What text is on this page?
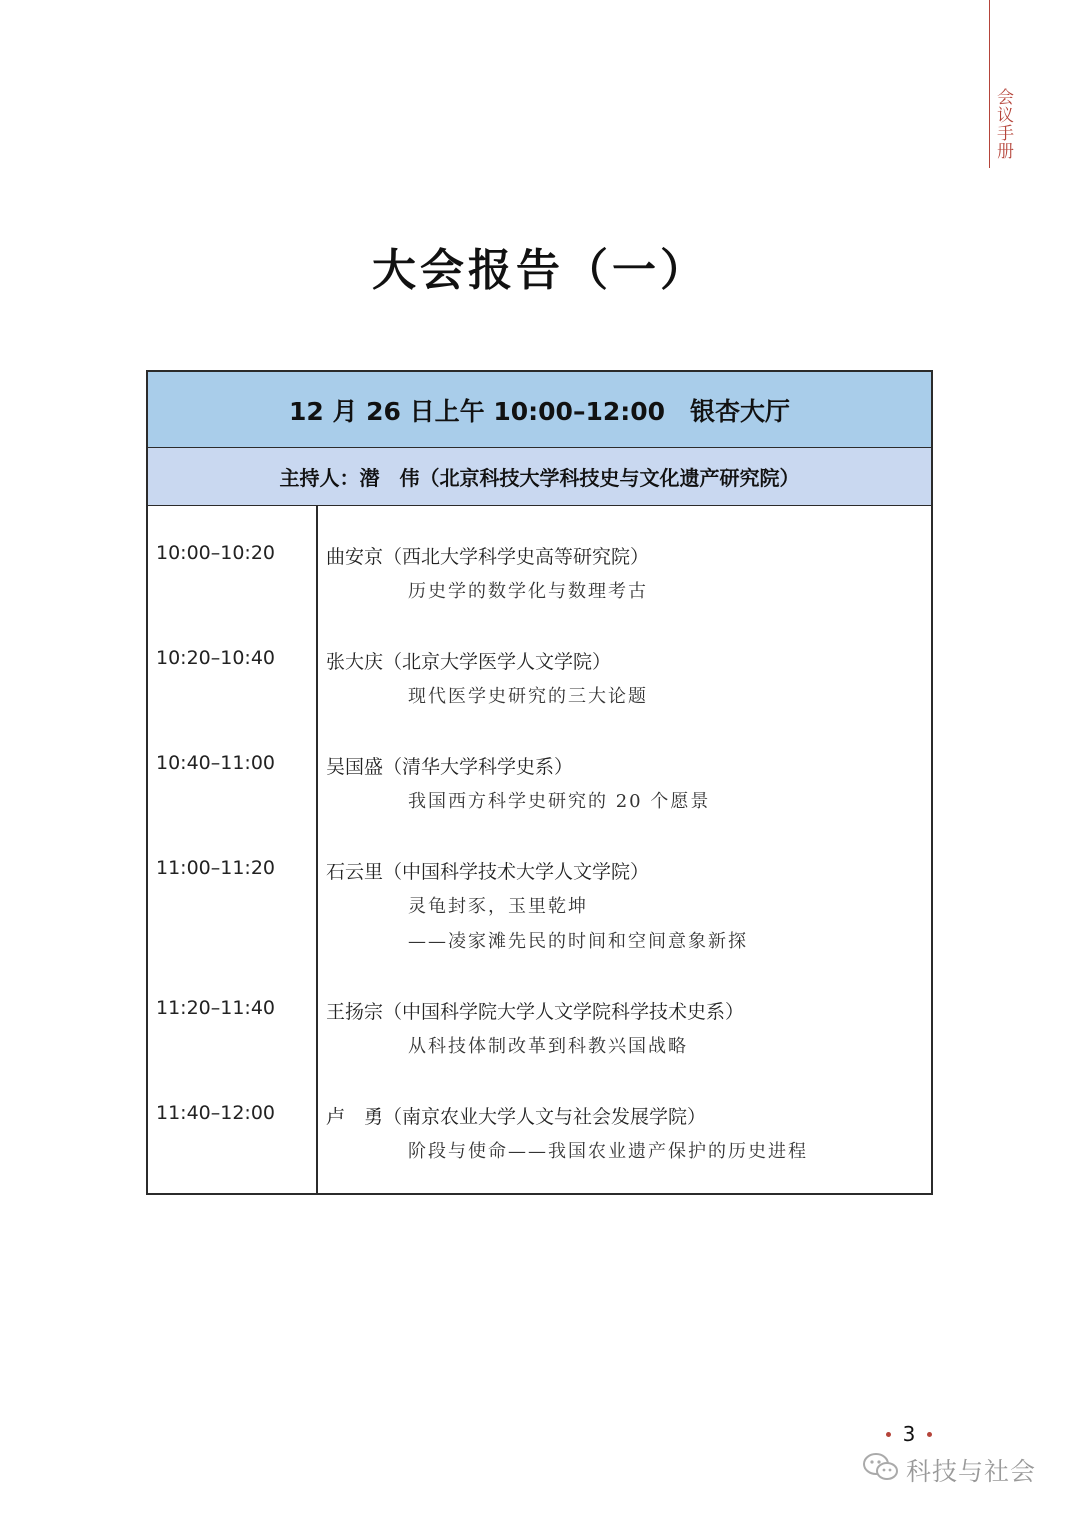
会议手册
大会报告（一）
12 月 26 日上午 10:00–12:00　银杏大厅
主持人：潜　伟（北京科技大学科技史与文化遗产研究院）
10:00–10:20	曲安京（西北大学科学史高等研究院）
历史学的数学化与数理考古
10:20–10:40	张大庆（北京大学医学人文学院）
现代医学史研究的三大论题
10:40–11:00	吴国盛（清华大学科学史系）
我国西方科学史研究的 20 个愿景
11:00–11:20	石云里（中国科学技术大学人文学院）
灵龟封豕，玉里乾坤
——凌家滩先民的时间和空间意象新探
11:20–11:40	王扬宗（中国科学院大学人文学院科学技术史系）
从科技体制改革到科教兴国战略
11:40–12:00	卢　勇（南京农业大学人文与社会发展学院）
阶段与使命——我国农业遗产保护的历史进程
3
科技与社会
